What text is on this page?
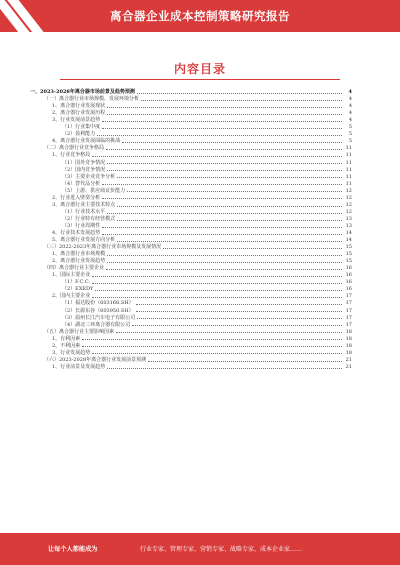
离合器企业成本控制策略研究报告
内容目录
一、2023-2028年离合器市场前景及趋势预测	4
（一）离合器行业市场规模、发展环境分析	4
1、离合器行业发展现状	4
2、离合器行业发展历程	4
3、行业发展前景趋势	4
（1）行业集中度	5
（2）盈利能力	5
4、离合器行业发展面临的挑战	5
（二）离合器行业竞争格局	11
1、行业竞争格局	11
（1）国外竞争情况	11
（2）国内竞争情况	11
（3）主要企业竞争分析	11
（4）替代品分析	11
（5）上游、供应商议价能力	12
2、行业进入壁垒分析	12
3、离合器行业主要技术特点	12
（1）行业技术水平	12
（2）行业特有经营模式	13
（3）行业周期性	13
4、行业技术发展趋势	14
5、离合器行业发展方向分析	14
（三）2022-2023年离合器行业市场规模及发展情况	15
1、离合器行业市场规模	15
2、离合器行业发展趋势	15
（四）离合器行业主要企业	16
1、国际主要企业	16
（1）F.C.C.	16
（2）EXEDY	16
2、国内主要企业	17
（1）福达股份（603166.SH）	17
（2）长源东谷（603950.SH）	17
（3）温州长江汽车电子有限公司	17
（4）湖北三环离合器有限公司	17
（五）离合器行业主要影响因素	18
1、有利因素	18
2、不利因素	18
3、行业发展趋势	18
（六）2023-2028年离合器行业发展前景预测	21
1、行业前景及发展趋势	21
让每个人都能成为	行业专家、管理专家、营销专家、战略专家、成本企业家……
